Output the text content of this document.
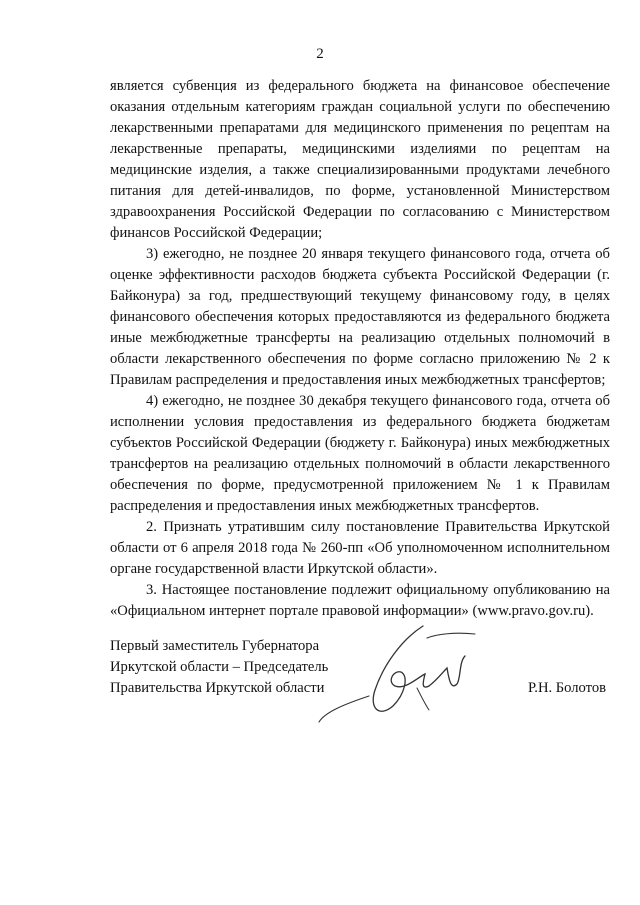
2

является субвенция из федерального бюджета на финансовое обеспечение оказания отдельным категориям граждан социальной услуги по обеспечению лекарственными препаратами для медицинского применения по рецептам на лекарственные препараты, медицинскими изделиями по рецептам на медицинские изделия, а также специализированными продуктами лечебного питания для детей-инвалидов, по форме, установленной Министерством здравоохранения Российской Федерации по согласованию с Министерством финансов Российской Федерации;

3) ежегодно, не позднее 20 января текущего финансового года, отчета об оценке эффективности расходов бюджета субъекта Российской Федерации (г. Байконура) за год, предшествующий текущему финансовому году, в целях финансового обеспечения которых предоставляются из федерального бюджета иные межбюджетные трансферты на реализацию отдельных полномочий в области лекарственного обеспечения по форме согласно приложению № 2 к Правилам распределения и предоставления иных межбюджетных трансфертов;

4) ежегодно, не позднее 30 декабря текущего финансового года, отчета об исполнении условия предоставления из федерального бюджета бюджетам субъектов Российской Федерации (бюджету г. Байконура) иных межбюджетных трансфертов на реализацию отдельных полномочий в области лекарственного обеспечения по форме, предусмотренной приложением № 1 к Правилам распределения и предоставления иных межбюджетных трансфертов.

2. Признать утратившим силу постановление Правительства Иркутской области от 6 апреля 2018 года № 260-пп «Об уполномоченном исполнительном органе государственной власти Иркутской области».

3. Настоящее постановление подлежит официальному опубликованию на «Официальном интернет портале правовой информации» (www.pravo.gov.ru).

Первый заместитель Губернатора
Иркутской области – Председатель
Правительства Иркутской области	Р.Н. Болотов
